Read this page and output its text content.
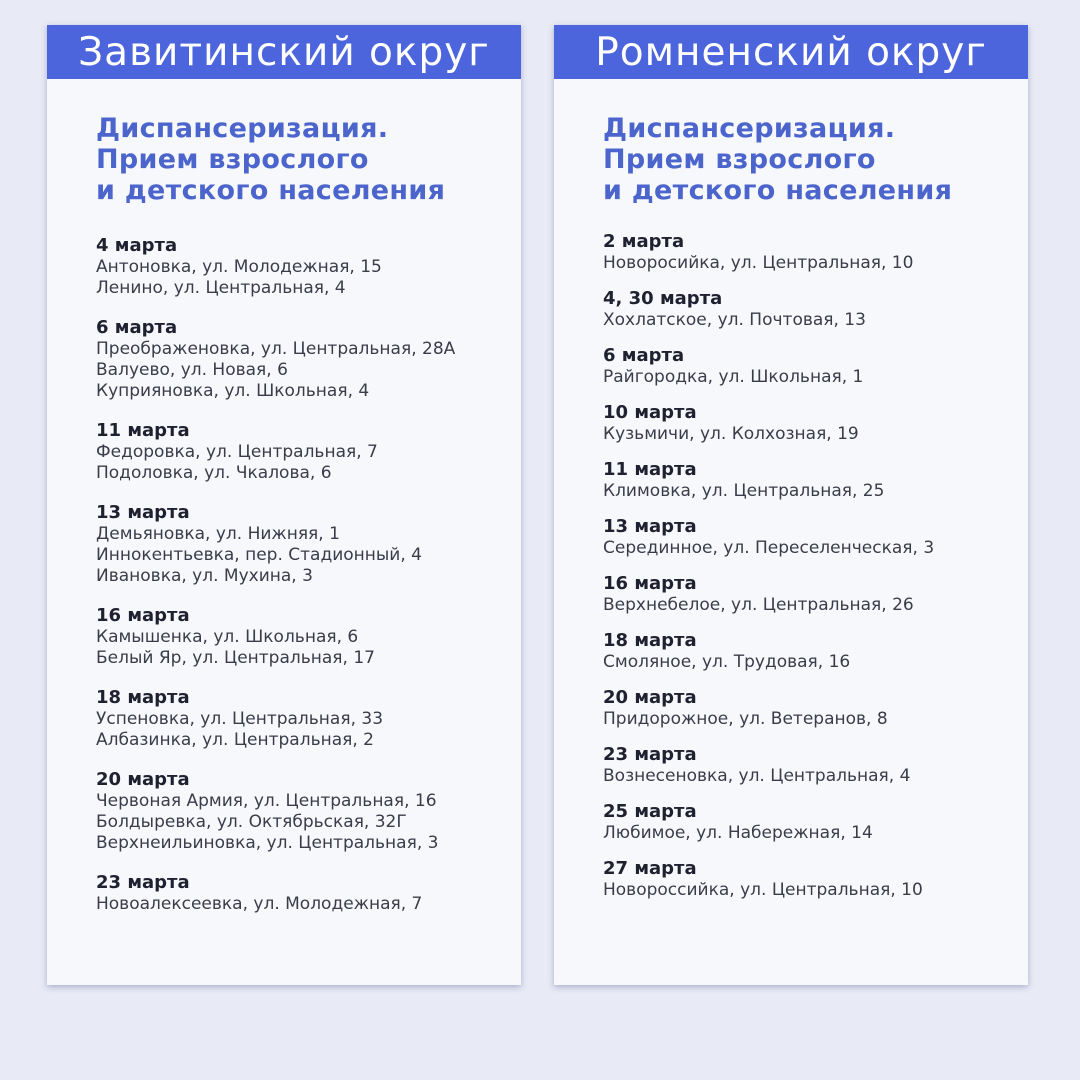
Завитинский округ
Диспансеризация.
Прием взрослого
и детского населения
4 марта
Антоновка, ул. Молодежная, 15
Ленино, ул. Центральная, 4
6 марта
Преображеновка, ул. Центральная, 28А
Валуево, ул. Новая, 6
Куприяновка, ул. Школьная, 4
11 марта
Федоровка, ул. Центральная, 7
Подоловка, ул. Чкалова, 6
13 марта
Демьяновка, ул. Нижняя, 1
Иннокентьевка, пер. Стадионный, 4
Ивановка, ул. Мухина, 3
16 марта
Камышенка, ул. Школьная, 6
Белый Яр, ул. Центральная, 17
18 марта
Успеновка, ул. Центральная, 33
Албазинка, ул. Центральная, 2
20 марта
Червоная Армия, ул. Центральная, 16
Болдыревка, ул. Октябрьская, 32Г
Верхнеильиновка, ул. Центральная, 3
23 марта
Новоалексеевка, ул. Молодежная, 7
Ромненский округ
Диспансеризация.
Прием взрослого
и детского населения
2 марта
Новоросийка, ул. Центральная, 10
4, 30 марта
Хохлатское, ул. Почтовая, 13
6 марта
Райгородка, ул. Школьная, 1
10 марта
Кузьмичи, ул. Колхозная, 19
11 марта
Климовка, ул. Центральная, 25
13 марта
Серединное, ул. Переселенческая, 3
16 марта
Верхнебелое, ул. Центральная, 26
18 марта
Смоляное, ул. Трудовая, 16
20 марта
Придорожное, ул. Ветеранов, 8
23 марта
Вознесеновка, ул. Центральная, 4
25 марта
Любимое, ул. Набережная, 14
27 марта
Новороссийка, ул. Центральная, 10
